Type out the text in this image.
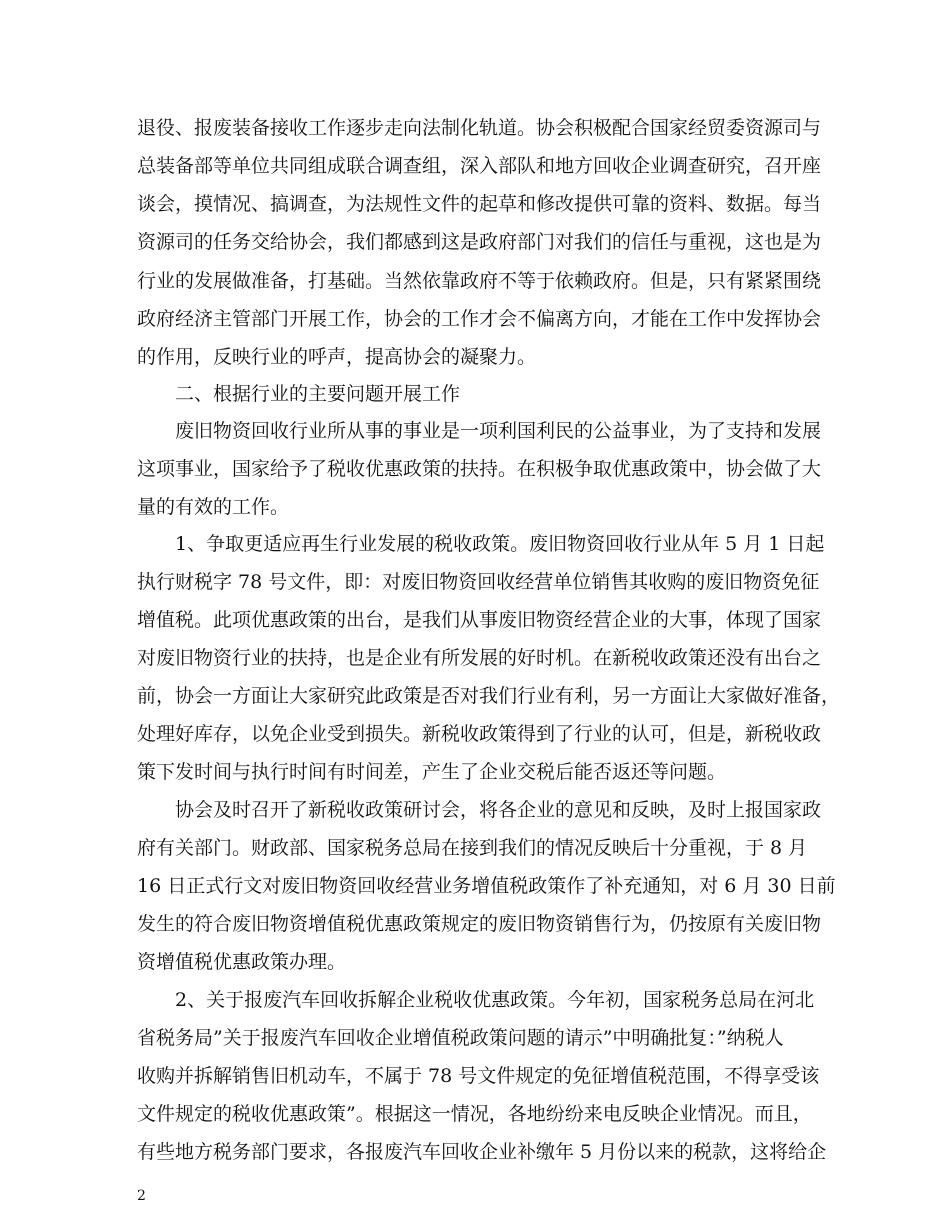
退役、报废装备接收工作逐步走向法制化轨道。协会积极配合国家经贸委资源司与
总装备部等单位共同组成联合调查组，深入部队和地方回收企业调查研究，召开座
谈会，摸情况、搞调查，为法规性文件的起草和修改提供可靠的资料、数据。每当
资源司的任务交给协会，我们都感到这是政府部门对我们的信任与重视，这也是为
行业的发展做准备，打基础。当然依靠政府不等于依赖政府。但是，只有紧紧围绕
政府经济主管部门开展工作，协会的工作才会不偏离方向，才能在工作中发挥协会
的作用，反映行业的呼声，提高协会的凝聚力。
二、根据行业的主要问题开展工作
废旧物资回收行业所从事的事业是一项利国利民的公益事业，为了支持和发展
这项事业，国家给予了税收优惠政策的扶持。在积极争取优惠政策中，协会做了大
量的有效的工作。
1、争取更适应再生行业发展的税收政策。废旧物资回收行业从年 5 月 1 日起
执行财税字 78 号文件，即：对废旧物资回收经营单位销售其收购的废旧物资免征
增值税。此项优惠政策的出台，是我们从事废旧物资经营企业的大事，体现了国家
对废旧物资行业的扶持，也是企业有所发展的好时机。在新税收政策还没有出台之
前，协会一方面让大家研究此政策是否对我们行业有利，另一方面让大家做好准备，
处理好库存，以免企业受到损失。新税收政策得到了行业的认可，但是，新税收政
策下发时间与执行时间有时间差，产生了企业交税后能否返还等问题。
协会及时召开了新税收政策研讨会，将各企业的意见和反映，及时上报国家政
府有关部门。财政部、国家税务总局在接到我们的情况反映后十分重视，于 8 月
16 日正式行文对废旧物资回收经营业务增值税政策作了补充通知，对 6 月 30 日前
发生的符合废旧物资增值税优惠政策规定的废旧物资销售行为，仍按原有关废旧物
资增值税优惠政策办理。
2、关于报废汽车回收拆解企业税收优惠政策。今年初，国家税务总局在河北
省税务局”关于报废汽车回收企业增值税政策问题的请示”中明确批复：”纳税人
收购并拆解销售旧机动车，不属于 78 号文件规定的免征增值税范围，不得享受该
文件规定的税收优惠政策”。根据这一情况，各地纷纷来电反映企业情况。而且，
有些地方税务部门要求，各报废汽车回收企业补缴年 5 月份以来的税款，这将给企
2
